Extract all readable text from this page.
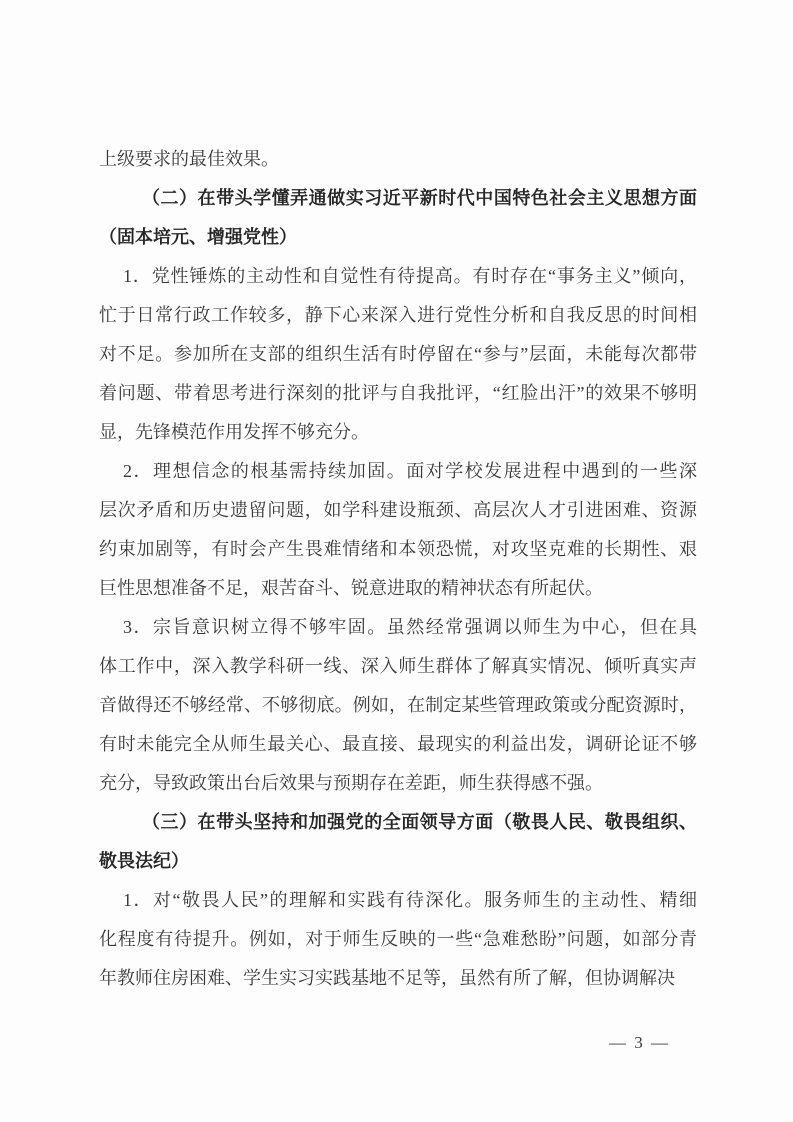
上级要求的最佳效果。
（二）在带头学懂弄通做实习近平新时代中国特色社会主义思想方面
（固本培元、增强党性）
1．党性锤炼的主动性和自觉性有待提高。有时存在“事务主义”倾向，
忙于日常行政工作较多，静下心来深入进行党性分析和自我反思的时间相
对不足。参加所在支部的组织生活有时停留在“参与”层面，未能每次都带
着问题、带着思考进行深刻的批评与自我批评，“红脸出汗”的效果不够明
显，先锋模范作用发挥不够充分。
2．理想信念的根基需持续加固。面对学校发展进程中遇到的一些深
层次矛盾和历史遗留问题，如学科建设瓶颈、高层次人才引进困难、资源
约束加剧等，有时会产生畏难情绪和本领恐慌，对攻坚克难的长期性、艰
巨性思想准备不足，艰苦奋斗、锐意进取的精神状态有所起伏。
3．宗旨意识树立得不够牢固。虽然经常强调以师生为中心，但在具
体工作中，深入教学科研一线、深入师生群体了解真实情况、倾听真实声
音做得还不够经常、不够彻底。例如，在制定某些管理政策或分配资源时，
有时未能完全从师生最关心、最直接、最现实的利益出发，调研论证不够
充分，导致政策出台后效果与预期存在差距，师生获得感不强。
（三）在带头坚持和加强党的全面领导方面（敬畏人民、敬畏组织、
敬畏法纪）
1．对“敬畏人民”的理解和实践有待深化。服务师生的主动性、精细
化程度有待提升。例如，对于师生反映的一些“急难愁盼”问题，如部分青
年教师住房困难、学生实习实践基地不足等，虽然有所了解，但协调解决
— 3 —
